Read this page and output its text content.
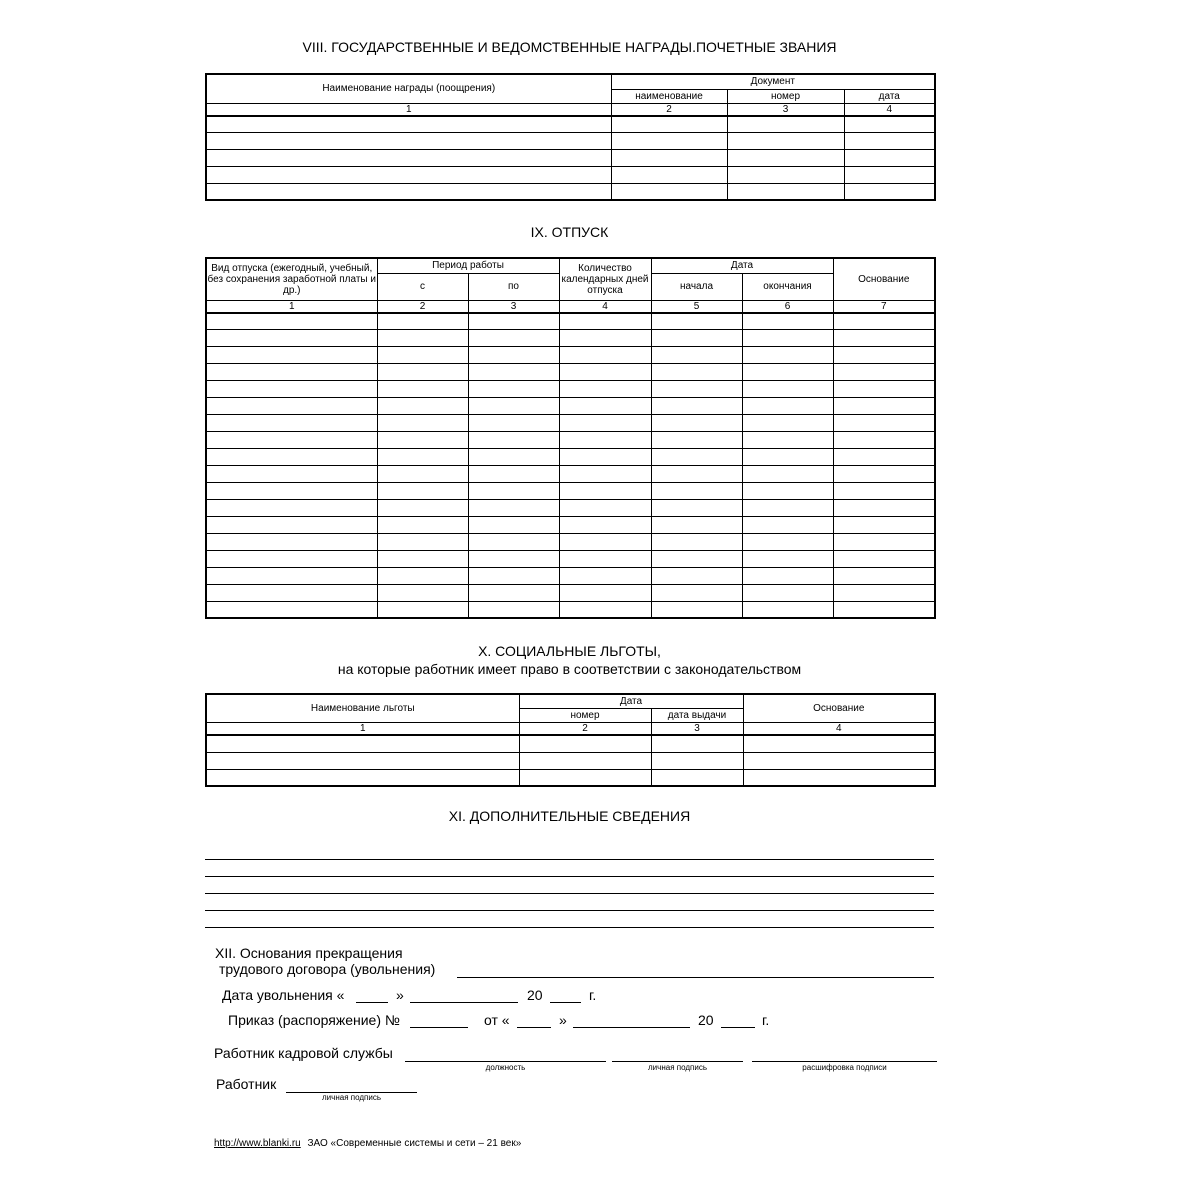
VIII. ГОСУДАРСТВЕННЫЕ И ВЕДОМСТВЕННЫЕ НАГРАДЫ.ПОЧЕТНЫЕ ЗВАНИЯ
Наименование награды (поощрения)	Документ		
	наименование	номер	дата
1	2	3	4

IX. ОТПУСК
Вид отпуска (ежегодный, учебный, без сохранения заработной платы и др.)	Период работы		Количество календарных дней отпуска	Дата		Основание
	с	по		начала	окончания	
1	2	3	4	5	6	7

X. СОЦИАЛЬНЫЕ ЛЬГОТЫ,
на которые работник имеет право в соответствии с законодательством
Наименование льготы	Дата		Основание
	номер	дата выдачи	
1	2	3	4

XI. ДОПОЛНИТЕЛЬНЫЕ СВЕДЕНИЯ
XII. Основания прекращения
трудового договора (увольнения)
Дата увольнения «	»	20	г.
Приказ (распоряжение) №	от «	»	20	г.
Работник кадровой службы
должность	личная подпись	расшифровка подписи
Работник
личная подпись
http://www.blanki.ru ЗАО «Современные системы и сети – 21 век»
